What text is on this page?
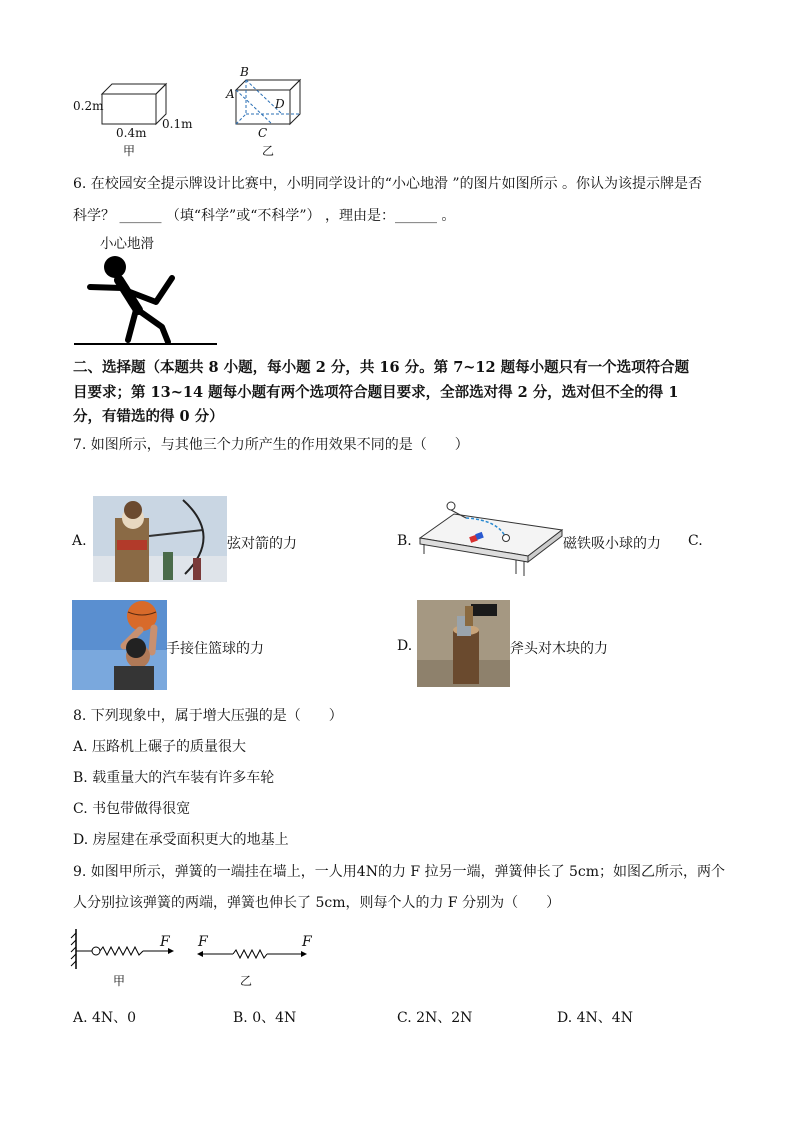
0.2m
0.4m
0.1m
甲
B
A
D
C
乙
6. 在校园安全提示牌设计比赛中，小明同学设计的“小心地滑 ”的图片如图所示 。你认为该提示牌是否
科学？ ______ （填“科学”或“不科学”） ，理由是：______ 。
小心地滑
二、选择题（本题共 8 小题，每小题 2 分，共 16 分。第 7~12 题每小题只有一个选项符合题
目要求；第 13~14 题每小题有两个选项符合题目要求，全部选对得 2 分，选对但不全的得 1
分，有错选的得 0 分）
7. 如图所示，与其他三个力所产生的作用效果不同的是（　　）
A.	弦对箭的力	B.	磁铁吸小球的力 C.
手接住篮球的力	D.	斧头对木块的力
8. 下列现象中，属于增大压强的是（　　）
A. 压路机上碾子的质量很大
B. 载重量大的汽车装有许多车轮
C. 书包带做得很宽
D. 房屋建在承受面积更大的地基上
9. 如图甲所示，弹簧的一端挂在墙上，一人用4N的力 F 拉另一端，弹簧伸长了 5cm；如图乙所示，两个
人分别拉该弹簧的两端，弹簧也伸长了 5cm，则每个人的力 F 分别为（　　）
F
甲
F	F
乙
A. 4N、0	B. 0、4N	C. 2N、2N	D. 4N、4N
